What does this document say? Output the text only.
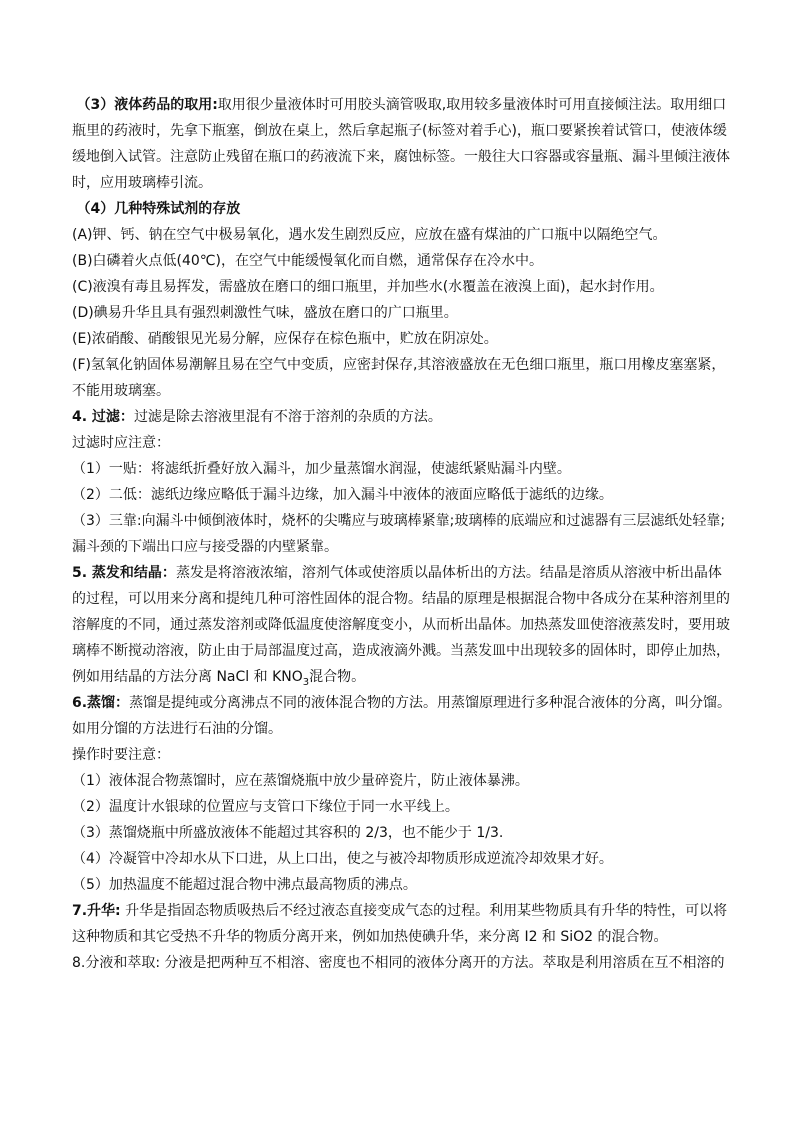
（3）液体药品的取用:取用很少量液体时可用胶头滴管吸取,取用较多量液体时可用直接倾注法。取用细口瓶里的药液时，先拿下瓶塞，倒放在桌上，然后拿起瓶子(标签对着手心)，瓶口要紧挨着试管口，使液体缓缓地倒入试管。注意防止残留在瓶口的药液流下来，腐蚀标签。一般往大口容器或容量瓶、漏斗里倾注液体时，应用玻璃棒引流。

（4）几种特殊试剂的存放

(A)钾、钙、钠在空气中极易氧化，遇水发生剧烈反应，应放在盛有煤油的广口瓶中以隔绝空气。

(B)白磷着火点低(40℃)，在空气中能缓慢氧化而自燃，通常保存在冷水中。

(C)液溴有毒且易挥发，需盛放在磨口的细口瓶里，并加些水(水覆盖在液溴上面)，起水封作用。

(D)碘易升华且具有强烈刺激性气味，盛放在磨口的广口瓶里。

(E)浓硝酸、硝酸银见光易分解，应保存在棕色瓶中，贮放在阴凉处。

(F)氢氧化钠固体易潮解且易在空气中变质，应密封保存,其溶液盛放在无色细口瓶里，瓶口用橡皮塞塞紧，不能用玻璃塞。

4. 过滤：过滤是除去溶液里混有不溶于溶剂的杂质的方法。

过滤时应注意：

（1）一贴：将滤纸折叠好放入漏斗，加少量蒸馏水润湿，使滤纸紧贴漏斗内壁。

（2）二低：滤纸边缘应略低于漏斗边缘，加入漏斗中液体的液面应略低于滤纸的边缘。

（3）三靠:向漏斗中倾倒液体时，烧杯的尖嘴应与玻璃棒紧靠;玻璃棒的底端应和过滤器有三层滤纸处轻靠;漏斗颈的下端出口应与接受器的内壁紧靠。

5. 蒸发和结晶：蒸发是将溶液浓缩，溶剂气体或使溶质以晶体析出的方法。结晶是溶质从溶液中析出晶体的过程，可以用来分离和提纯几种可溶性固体的混合物。结晶的原理是根据混合物中各成分在某种溶剂里的溶解度的不同，通过蒸发溶剂或降低温度使溶解度变小，从而析出晶体。加热蒸发皿使溶液蒸发时，要用玻璃棒不断搅动溶液，防止由于局部温度过高，造成液滴外溅。当蒸发皿中出现较多的固体时，即停止加热，例如用结晶的方法分离 NaCl 和 $KNO_3$混合物。

6.蒸馏：蒸馏是提纯或分离沸点不同的液体混合物的方法。用蒸馏原理进行多种混合液体的分离，叫分馏。如用分馏的方法进行石油的分馏。

操作时要注意：

（1）液体混合物蒸馏时，应在蒸馏烧瓶中放少量碎瓷片，防止液体暴沸。

（2）温度计水银球的位置应与支管口下缘位于同一水平线上。

（3）蒸馏烧瓶中所盛放液体不能超过其容积的 2/3，也不能少于 1/3.

（4）冷凝管中冷却水从下口进，从上口出，使之与被冷却物质形成逆流冷却效果才好。

（5）加热温度不能超过混合物中沸点最高物质的沸点。

7.升华: 升华是指固态物质吸热后不经过液态直接变成气态的过程。利用某些物质具有升华的特性，可以将这种物质和其它受热不升华的物质分离开来，例如加热使碘升华，来分离 I2 和 SiO2 的混合物。

8.分液和萃取: 分液是把两种互不相溶、密度也不相同的液体分离开的方法。萃取是利用溶质在互不相溶的
